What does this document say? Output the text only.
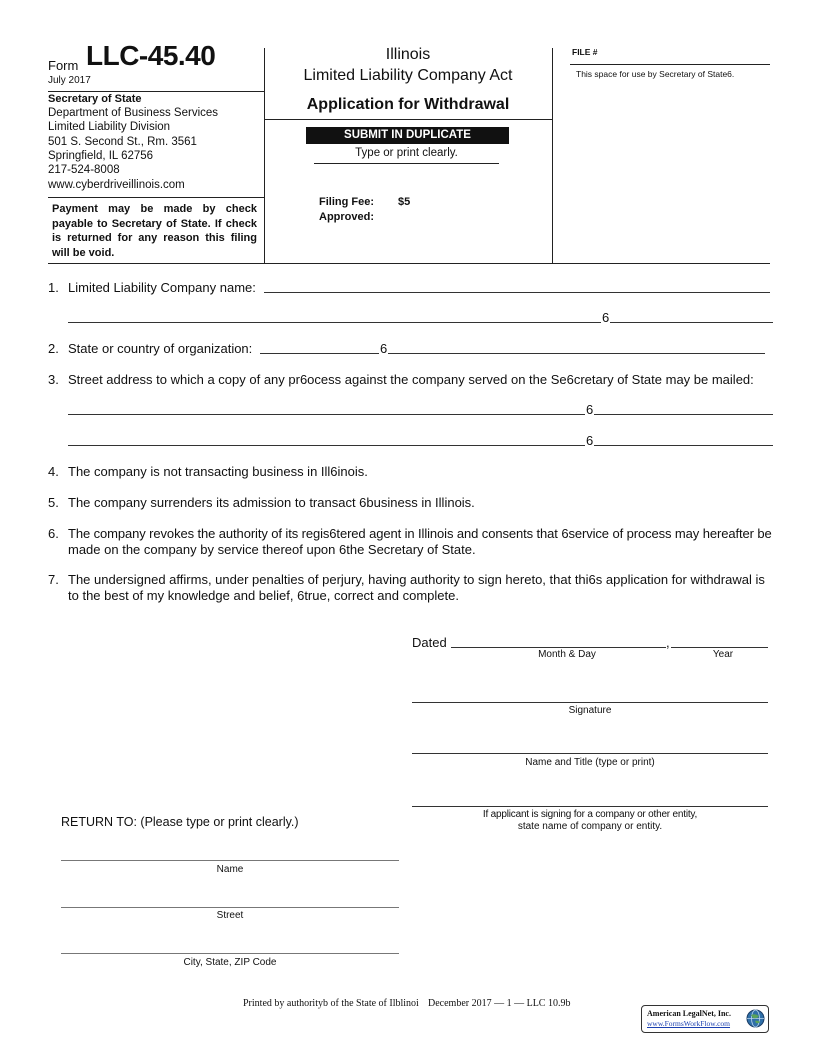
Form LLC-45.40
July 2017
Secretary of State
Department of Business Services
Limited Liability Division
501 S. Second St., Rm. 3561
Springfield, IL 62756
217-524-8008
www.cyberdriveillinois.com
Payment may be made by check payable to Secretary of State. If check is returned for any reason this filing will be void.
Illinois
Limited Liability Company Act
Application for Withdrawal
SUBMIT IN DUPLICATE
Type or print clearly.
Filing Fee: $5
Approved:
FILE #
This space for use by Secretary of State6.
1. Limited Liability Company name:
6
2. State or country of organization:	6
3. Street address to which a copy of any pr6ocess against the company served on the Se6cretary of State may be mailed:
6
6
4. The company is not transacting business in Ill6inois.
5. The company surrenders its admission to transact 6business in Illinois.
6. The company revokes the authority of its regis6tered agent in Illinois and consents that 6service of process may hereafter be
made on the company by service thereof upon 6the Secretary of State.
7. The undersigned affirms, under penalties of perjury, having authority to sign hereto, that thi6s application for withdrawal is
to the best of my knowledge and belief, 6true, correct and complete.
Dated	,
Month & Day	Year
Signature
Name and Title (type or print)
If applicant is signing for a company or other entity,
state name of company or entity.
RETURN TO: (Please type or print clearly.)
Name
Street
City, State, ZIP Code
Printed by authorityb of the State of Ilblinoi December 2017 — 1 — LLC 10.9b
American LegalNet, Inc.
www.FormsWorkFlow.com
